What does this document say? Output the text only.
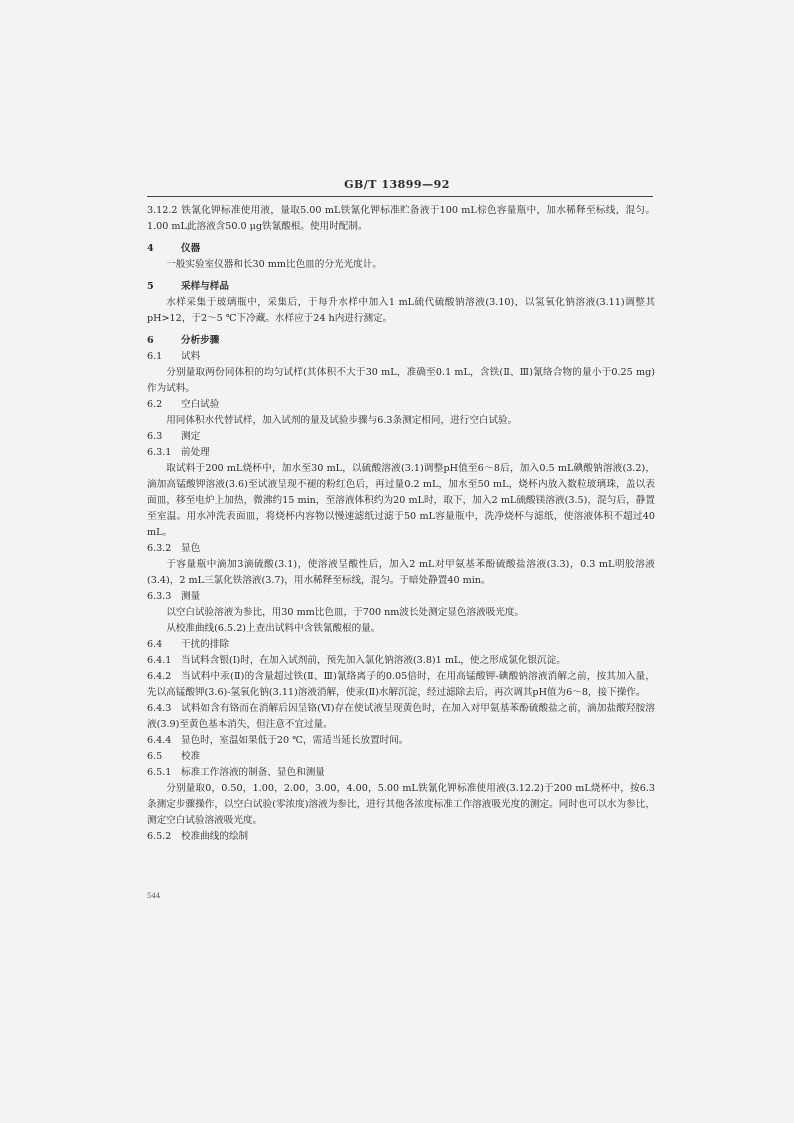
GB/T 13899—92

3.12.2 铁氰化钾标准使用液，量取5.00 mL铁氰化钾标准贮备液于100 mL棕色容量瓶中，加水稀释至标线，混匀。1.00 mL此溶液含50.0 μg铁氰酸根。使用时配制。

4	仪器

一般实验室仪器和长30 mm比色皿的分光光度计。

5	采样与样品

水样采集于玻璃瓶中，采集后，于每升水样中加入1 mL硫代硫酸钠溶液(3.10)，以氢氧化钠溶液(3.11)调整其pH>12，于2～5 ℃下冷藏。水样应于24 h内进行测定。

6	分析步骤

6.1 试料

分别量取两份同体积的均匀试样(其体积不大于30 mL，准确至0.1 mL，含铁(Ⅱ、Ⅲ)氰络合物的量小于0.25 mg)作为试料。

6.2 空白试验

用同体积水代替试样，加入试剂的量及试验步骤与6.3条测定相同，进行空白试验。

6.3 测定

6.3.1 前处理

取试料于200 mL烧杯中，加水至30 mL，以硫酸溶液(3.1)调整pH值至6～8后，加入0.5 mL碘酸钠溶液(3.2)，滴加高锰酸钾溶液(3.6)至试液呈现不褪的粉红色后，再过量0.2 mL，加水至50 mL，烧杯内放入数粒玻璃珠，盖以表面皿，移至电炉上加热，微沸约15 min，至溶液体积约为20 mL时，取下，加入2 mL硫酸镁溶液(3.5)，混匀后，静置至室温。用水冲洗表面皿，将烧杯内容物以慢速滤纸过滤于50 mL容量瓶中，洗净烧杯与滤纸，使溶液体积不超过40 mL。

6.3.2 显色

于容量瓶中滴加3滴硫酸(3.1)，使溶液呈酸性后，加入2 mL对甲氨基苯酚硫酸盐溶液(3.3)，0.3 mL明胶溶液(3.4)，2 mL三氯化铁溶液(3.7)，用水稀释至标线，混匀。于暗处静置40 min。

6.3.3 测量

以空白试验溶液为参比，用30 mm比色皿，于700 nm波长处测定显色溶液吸光度。

从校准曲线(6.5.2)上查出试料中含铁氰酸根的量。

6.4 干扰的排除

6.4.1 当试料含银(Ⅰ)时，在加入试剂前，预先加入氯化钠溶液(3.8)1 mL，使之形成氯化银沉淀。

6.4.2 当试料中汞(Ⅱ)的含量超过铁(Ⅱ、Ⅲ)氰络离子的0.05倍时，在用高锰酸钾-碘酸钠溶液消解之前，按其加入量，先以高锰酸钾(3.6)-氢氧化钠(3.11)溶液消解，使汞(Ⅱ)水解沉淀，经过滤除去后，再次调其pH值为6～8，接下操作。

6.4.3 试料如含有铬而在消解后因呈铬(Ⅵ)存在使试液呈现黄色时，在加入对甲氨基苯酚硫酸盐之前，滴加盐酸羟胺溶液(3.9)至黄色基本消失，但注意不宜过量。

6.4.4 显色时，室温如果低于20 ℃，需适当延长放置时间。

6.5 校准

6.5.1 标准工作溶液的制备、显色和测量

分别量取0，0.50，1.00，2.00，3.00，4.00，5.00 mL铁氰化钾标准使用液(3.12.2)于200 mL烧杯中，按6.3条测定步骤操作，以空白试验(零浓度)溶液为参比，进行其他各浓度标准工作溶液吸光度的测定。同时也可以水为参比，测定空白试验溶液吸光度。

6.5.2 校准曲线的绘制

544
